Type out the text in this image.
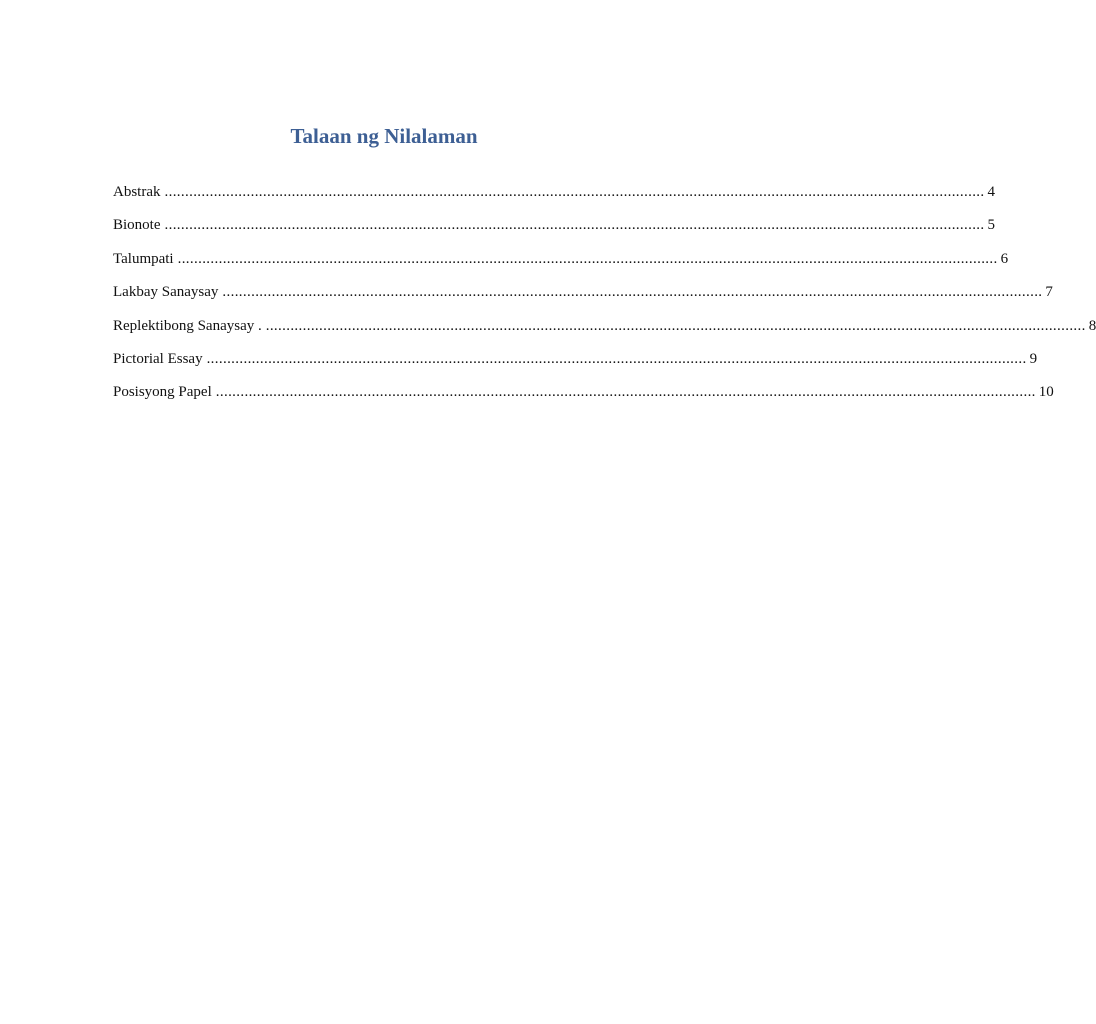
Talaan ng Nilalaman
Abstrak ........................................................................................................................................................................................................ 4
Bionote ........................................................................................................................................................................................................ 5
Talumpati ........................................................................................................................................................................................................ 6
Lakbay Sanaysay ........................................................................................................................................................................................................ 7
Replektibong Sanaysay . ........................................................................................................................................................................................................ 8
Pictorial Essay ........................................................................................................................................................................................................ 9
Posisyong Papel ........................................................................................................................................................................................................ 10
